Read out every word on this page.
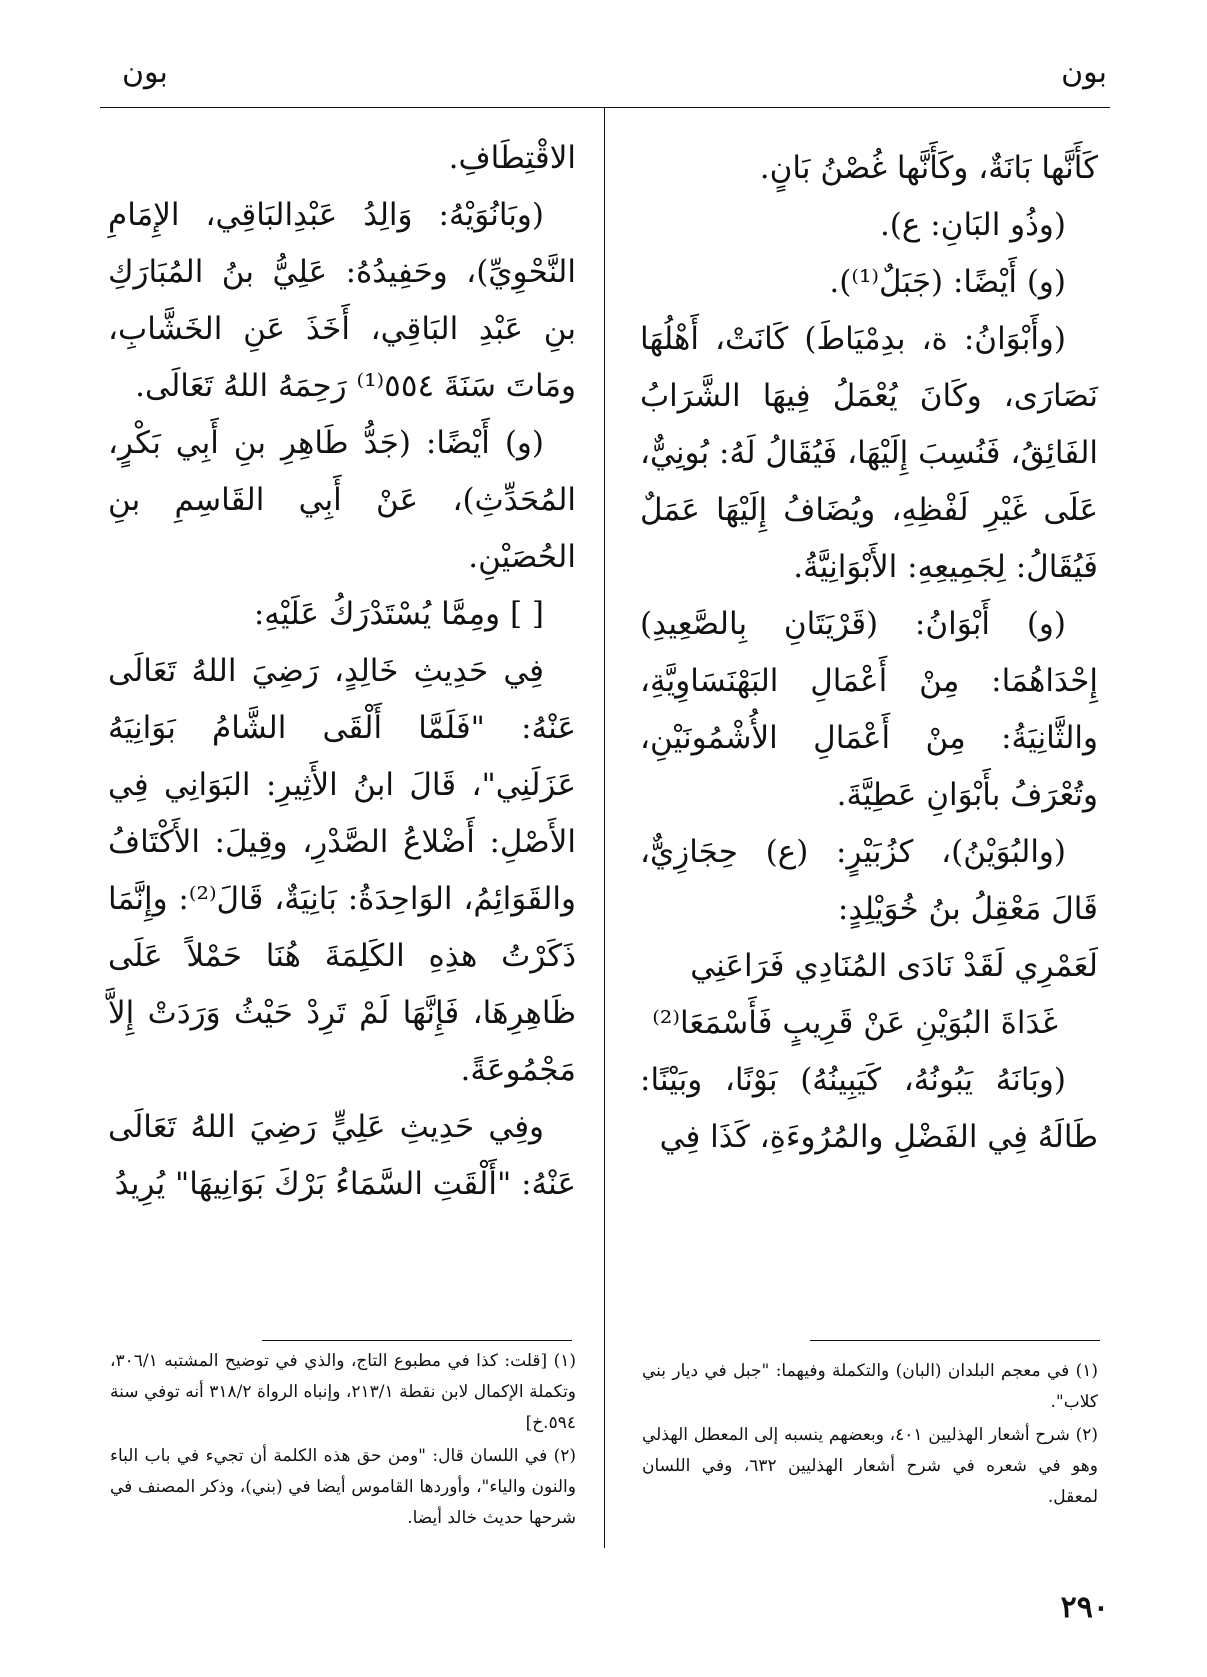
بون
بون

كَأَنَّها بَانَةٌ، وكَأَنَّها غُصْنُ بَانٍ.

(وذُو البَانِ: ع).

(و) أَيْضًا: (جَبَلٌ⁽¹⁾).

(وأَبْوَانُ: ة، بدِمْيَاطَ) كَانَتْ، أَهْلُهَا نَصَارَى، وكَانَ يُعْمَلُ فِيهَا الشَّرَابُ الفَائِقُ، فَنُسِبَ إِلَيْهَا، فَيُقَالُ لَهُ: بُونِيٌّ، عَلَى غَيْرِ لَفْظِهِ، ويُضَافُ إِلَيْهَا عَمَلٌ فَيُقَالُ: لِجَمِيعِهِ: الأَبْوَانِيَّةُ.

(و) أَبْوَانُ: (قَرْيَتَانِ بِالصَّعِيدِ) إِحْدَاهُمَا: مِنْ أَعْمَالِ البَهْنَسَاوِيَّةِ، والثَّانِيَةُ: مِنْ أَعْمَالِ الأُشْمُونَيْنِ، وتُعْرَفُ بأَبْوَانِ عَطِيَّةَ.

(والبُوَيْنُ)، كزُبَيْرٍ: (ع) حِجَازِيٌّ، قَالَ مَعْقِلُ بنُ خُوَيْلِدٍ:

لَعَمْرِي لَقَدْ نَادَى المُنَادِي فَرَاعَنِي

غَدَاةَ البُوَيْنِ عَنْ قَرِيبٍ فَأَسْمَعَا⁽²⁾

(وبَانَهُ يَبُونُهُ، كَيَبِينُهُ) بَوْنًا، وبَيْنًا: طَالَهُ فِي الفَضْلِ والمُرُوءَةِ، كَذَا فِي

الاقْتِطَافِ.

(وبَانُوَيْهُ: وَالِدُ عَبْدِالبَاقِي، الإِمَامِ النَّحْوِيِّ)، وحَفِيدُهُ: عَلِيُّ بنُ المُبَارَكِ بنِ عَبْدِ البَاقِي، أَخَذَ عَنِ الخَشَّابِ، ومَاتَ سَنَةَ ٥٥٤⁽¹⁾ رَحِمَهُ اللهُ تَعَالَى.

(و) أَيْضًا: (جَدُّ طَاهِرِ بنِ أَبِي بَكْرٍ، المُحَدِّثِ)، عَنْ أَبِي القَاسِمِ بنِ الحُصَيْنِ.

[ ] ومِمَّا يُسْتَدْرَكُ عَلَيْهِ:

فِي حَدِيثِ خَالِدٍ، رَضِيَ اللهُ تَعَالَى عَنْهُ: "فَلَمَّا أَلْقَى الشَّامُ بَوَانِيَهُ عَزَلَنِي"، قَالَ ابنُ الأَثِيرِ: البَوَانِي فِي الأَصْلِ: أَضْلاعُ الصَّدْرِ، وقِيلَ: الأَكْتَافُ والقَوَائِمُ، الوَاحِدَةُ: بَانِيَةٌ، قَالَ⁽²⁾: وإِنَّمَا ذَكَرْتُ هذِهِ الكَلِمَةَ هُنَا حَمْلاً عَلَى ظَاهِرِهَا، فَإِنَّهَا لَمْ تَرِدْ حَيْثُ وَرَدَتْ إِلاَّ مَجْمُوعَةً.

وفِي حَدِيثِ عَلِيٍّ رَضِيَ اللهُ تَعَالَى عَنْهُ: "أَلْقَتِ السَّمَاءُ بَرْكَ بَوَانِيهَا" يُرِيدُ

(١) في معجم البلدان (البان) والتكملة وفيهما: "جبل في ديار بني كلاب".

(٢) شرح أشعار الهذليين ٤٠١، وبعضهم ينسبه إلى المعطل الهذلي وهو في شعره في شرح أشعار الهذليين ٦٣٢، وفي اللسان لمعقل.

(١) [قلت: كذا في مطبوع التاج، والذي في توضيح المشتبه ٣٠٦/١، وتكملة الإكمال لابن نقطة ٢١٣/١، وإنباه الرواة ٣١٨/٢ أنه توفي سنة ٥٩٤.خ]

(٢) في اللسان قال: "ومن حق هذه الكلمة أن تجيء في باب الباء والنون والياء"، وأوردها القاموس أيضا في (بني)، وذكر المصنف في شرحها حديث خالد أيضا.

٢٩٠
